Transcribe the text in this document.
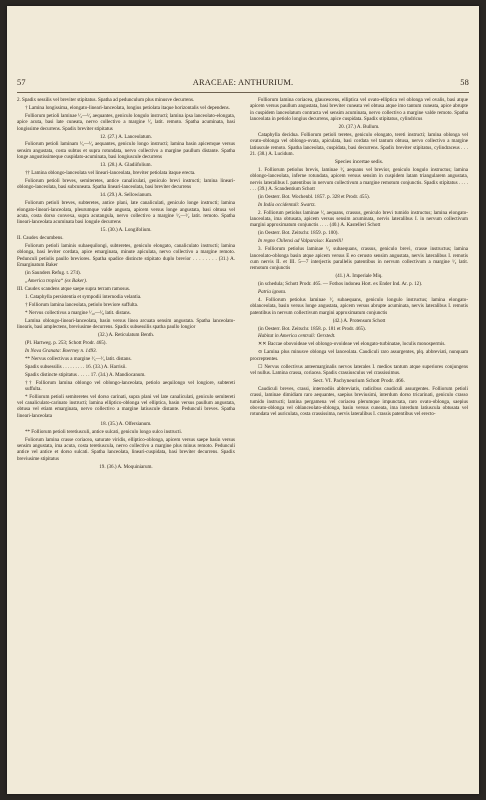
57	ARACEAE: ANTHURIUM.	58

2. Spadix sessilis vel breviter stipitatus. Spatha ad pedunculum plus minusve decurrens.

† Lamina longissima, elongato-lineari-lanceolata, longius petiolata itaque horizontalis vel dependens.

Folliorum petioli laminae ¹⁄₂—¹⁄₃ aequantes, geniculo longulo instructi; lamina ipsa lanceolato-elongata, apice acuta, basi late cuneata, nervo collectivo a margine ¹⁄₂ latit. remoto. Spatha acuminata, basi longissime decurrens. Spadix breviter stipitatus

12. (27.) A. Lanceolatum.

Foliorum petioli laminam ¹⁄₅—¹⁄₃ aequantes, geniculo longo instructi; lamina basin apicemque versus sensim angustata, costa subtus et supra rotundata, nervo collectivo a margine paullum distante. Spatha longe angustissimeque cuspidato-acuminata, basi longiuscule decurrens

13. (28.) A. Gladiifolium.

†† Lamina oblongo-lanceolata vel lineari-lanceolata, breviter petiolata itaque erecta.

Foliorum petioli breves, semiteretes, antice canaliculati, geniculo brevi instructi; lamina lineari-oblongo-lanceolata, basi subcuneata. Spatha lineari-lanceolata, basi breviter decurrens

14. (29.) A. Sellowianum.

Foliorum petioli breves, subteretes, antice plani, late canaliculati, geniculo longe instructi; lamina elongato-lineari-lanceolata, pleurumque valde angusta, apicem versus longe angustata, basi obtusa vel acuta, costa dorso convexa, supra acutangula, nervo collectivo a margine ¹⁄₃—¹⁄₂ latit. remoto. Spatha lineari-lanceolata acuminata basi longule decurrens

15. (30.) A. Longifolium.

II. Caudex decumbens.

Foliorum petioli laminis subaequilongi, subteretes, geniculo elongato, canaliculato instructi; lamina oblonga, basi leviter cordata, apice emarginata, minute apiculata, nervo collectivo a margine remoto. Pedunculi petiolis paullo breviores. Spatha spadice distincte stipitato duplo brevior . . . . . . . . (31.) A. Emarginatum Baker

(in Saunders Refug. t. 274).

„America tropica“ (ex Baker).

III. Caudex scandens atque saepe supra terram ramosus.

1. Cataphylla persistentia et sympodii internodia velantia.

† Folliorum lamina lanceolata, petiolo breviore suffulta.

* Nervus collectivus a margine ¹⁄₁₀—¹⁄₈ latit. distans.

Lamina oblongo-lineari-lanceolata, basin versus linea arcuata sensim angustata. Spatha lanceolato-linearis, basi amplectens, breviusime decurrens. Spadix subsessilis spatha paullo longior

(32.) A. Reticulatum Benth.

(Pl. Hartweg. p. 253; Schott Prodr. 465).

In Nova Granata: Boerney n. 1493.

** Nervus collectivus a margine ¹⁄₅—¹⁄₃ latit. distans.

Spadix subsessilis . . . . . . . . . 16. (33.) A. Harrisii.

Spadix distincte stipitatus . . . . . 17. (34.) A. Mandiocanum.

†† Folliorum lamina oblongo vel oblongo-lanceolata, petiolo aequilongo vel longiore, subtereti suffulta.

* Folliorum petioli semiteretes vel dorso carinati, supra plani vel late canaliculati, geniculo semitereti vel canaliculato-carinato instructi; lamina elliptico-oblonga vel elliptica, basin versus paullum angustata, obtusa vel etiam emarginata, nervo collectivo a margine latiuscule distante. Pedunculi breves. Spatha lineari-lanceolata

18. (35.) A. Olfersianum.

** Folliorum petioli teretiusculi, antice sulcati, geniculo longo sulco instructi.

Foliorum lamina crasse coriacea, saturate viridis, elliptico-oblonga, apicem versus saepe basin versus sensim angustata, ima acuta, costa teretiuscula, nervo collectivo a margine plus minus remoto. Pedunculi antice vel antice et dorso sulcati. Spatha lanceolata, lineari-cuspidata, basi breviter decurrens. Spadix breviusime stipitatus

19. (36.) A. Moquiniarum.

Folliorum lamina coriacea, glaucescens, elliptica vel ovato-elliptica vel oblonga vel ovalis, basi atque apicem versus paullum angustata, basi breviter cuneata vel obtusa atque imo tantum cuneata, apice abrupte in cuspidem lanceolatum contracta vel sensim acuminata, nervo collectivo a margine valde remoto. Spatha lanceolata in petiolo longius decurrens, apice cuspidata. Spadix stipitatus, cylindricus

20. (37.) A. Bullum.

Cataphylla decidua. Folliorum petioli teretes, geniculo elongato, tereti instructi; lamina oblonga vel ovato-oblonga vel oblongo-ovata, apiculata, basi cordata vel tantum obtusa, nervo collectivo a margine latiuscule remoto. Spatha lanceolata, cuspidata, basi decurrens. Spadix breviter stipitatus, cylindraceus . . . 21. (38.) A. Lucidum.

Species incertae sedis.

1. Folliorum petiolus brevis, laminae ¹⁄₃ aequans vel brevior, geniculo longulo instructus; lamina oblongo-lanceolata, inferne rotundata, apicem versus sensim in cuspidem latam triangularem angustata, nervis lateralibus I. patentibus in nervum collectivum a margine remotum conjunctis. Spadix stipitatus . . . . . . . (39.) A. Scandentium Schott

(in Oesterr. Bot. Wochenbl. 1857. p. 328 et Prodr. 455).

In India occidentali: Swartz.

2. Folliorum petiolus laminae ¹⁄₅ aequans, crassus, geniculo brevi tumido instructus; lamina elongato-lanceolata, ima obtusata, apicem versus sensim acuminata, nervis lateralibus I. in nervum collectivum margini approximatum conjunctis . . . . (40.) A. Kastelleri Schott

(in Oesterr. Bot. Zeitschr. 1859. p. 100).

In regno Chilensi ad Valparaiso: Kastelli!

3. Folliorum petiolus laminae ¹⁄₂ subaequans, crassus, geniculo brevi, crasse instructus; lamina lanceolato-oblonga basin atque apicem versus E eo cerusto sensim angustata, nervis lateralibus I. remotis cum nervis II. et III. 5—7 interjectis parallelis patentibus in nervum collectivum a margine ¹⁄₂ latit. remotum conjunctis

(41.) A. Imperiale Miq.

(in schedula; Schott Prodr. 465. — Fothos indonea Hort. ex Ender Ind. Ar. p. 12).

Patria ignota.

4. Folliorum petiolus laminae ¹⁄₂ subaequans, geniculo longulo instructus; lamina elongato-oblanceolata, basin versus longe angustata, apicem versus abrupte acuminata, nervis lateralibus I. remotis patentibus in nervum collectivum margini approximatum conjunctis

(42.) A. Protensum Schott

(in Oesterr. Bot. Zeitschr. 1858. p. 181 et Prodr. 465).

Habitat in America centrali: Oerstedt.

✕✕ Baccae obovoideae vel oblongo-ovoideae vel elongato-turbinatae, loculis monospermis.

⊙ Lamina plus minusve oblonga vel lanceolata. Caudiculi raro assurgentes, plq. abbreviati, nunquam procreptentes.

☐ Nervus collectivus anteemarginalis nervos laterales I. medios tantum atque superiores conjungens vel nullus. Lamina crassa, coriacea. Spadix crassiusculus vel crassissimus.

Sect. VI. Pachyneurium Schott Prodr. 466.

Caudiculi breves, crassi, internodiis abbreviatis, radicibus caudiculi assurgentes. Folliorum petioli crassi, laminae dimidiam raro aequantes, saepius breviusimi, interdum dorso tricarinati, geniculo crasso tumido instructi; lamina pergamena vel coriacea plerumque impunctata, raro ovato-oblonga, saepius obovato-oblonga vel oblanceolato-oblonga, basin versus cuneata, ima interdum latiuscula obtusata vel rotundata vel auriculata, costa crassissima, nervis lateralibus I. crassis patentibus vel erecto-
